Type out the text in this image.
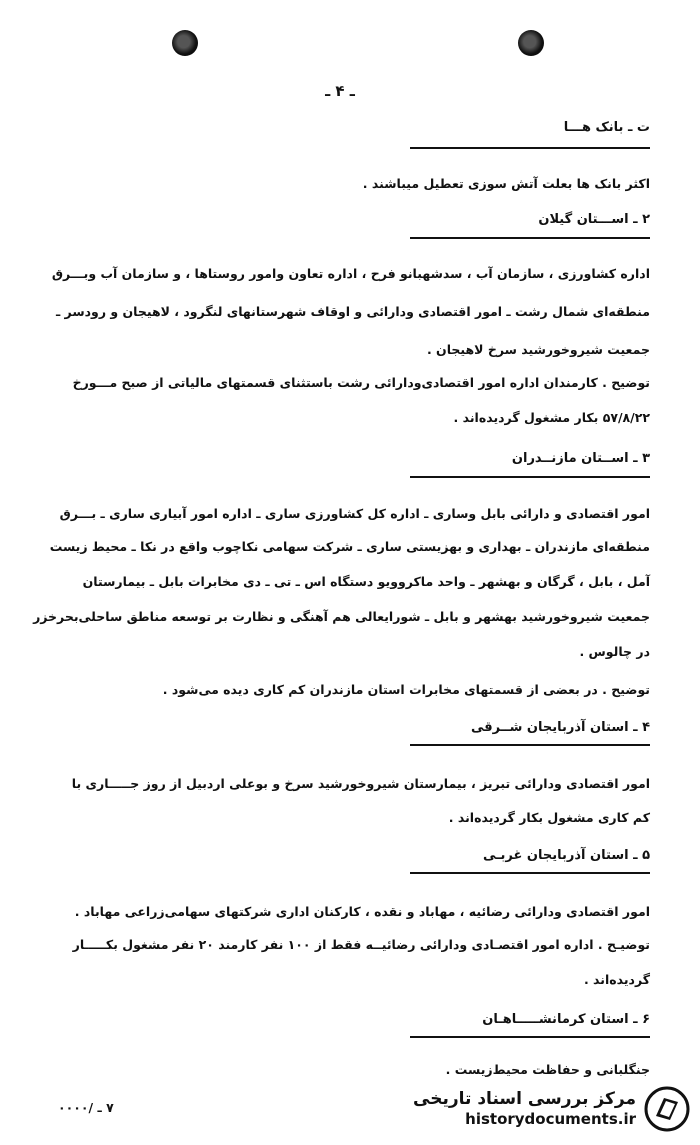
ـ ۴ ـ
ت ـ بانک هـــا
اکثر بانک ها بعلت آتش سوزی تعطیل میباشند .
۲ ـ اســـتان گیلان
اداره کشاورزی ، سازمان آب ، سدشهبانو فرح ، اداره تعاون وامور روستاها ، و سازمان آب وبـــرق
منطقه‌ای شمال رشت ـ امور اقتصادی ودارائی و اوقاف شهرستانهای لنگرود ، لاهیجان و رودسر ـ
جمعیت شیروخورشید سرخ لاهیجان .
توضیح . کارمندان اداره امور اقتصادی‌ودارائی رشت باستثنای قسمتهای مالیاتی از صبح مـــورخ
۵۷/۸/۲۲ بکار مشغول گردیده‌اند .
۳ ـ اســتان مازنــدران
امور اقتصادی و دارائی بابل وساری ـ اداره کل کشاورزی ساری ـ اداره امور آبیاری ساری ـ بـــرق
منطقه‌ای مازندران ـ بهداری و بهزیستی ساری ـ شرکت سهامی نکاچوب واقع در نکا ـ محیط زیست
آمل ، بابل ، گرگان و بهشهر ـ واحد ماکروویو دستگاه اس ـ تی ـ دی مخابرات بابل ـ بیمارستان
جمعیت شیروخورشید بهشهر و بابل ـ شورایعالی هم آهنگی و نظارت بر توسعه مناطق ساحلی‌بحرخزر
در چالوس .
توضیح . در بعضی از قسمتهای مخابرات استان مازندران کم کاری دیده می‌شود .
۴ ـ استان آذربایجان شــرقی
امور اقتصادی ودارائی تبریز ، بیمارستان شیروخورشید سرخ و بوعلی اردبیل از روز جـــــاری با
کم کاری مشغول بکار گردیده‌اند .
۵ ـ استان آذربایجان غربـی
امور اقتصادی ودارائی رضائیه ، مهاباد و نقده ، کارکنان اداری شرکتهای سهامی‌زراعی مهاباد .
توضیـح . اداره امور اقتصـادی ودارائی رضائیــه فقط از ۱۰۰ نفر کارمند ۲۰ نفر مشغول بکـــــار
گردیده‌اند .
۶ ـ استان کرمانشـــــاهـان
جنگلبانی و حفاظت محیط‌زیست .
۷ ـ /۰۰۰۰	مرکز بررسی اسناد تاریخی
historydocuments.ir
